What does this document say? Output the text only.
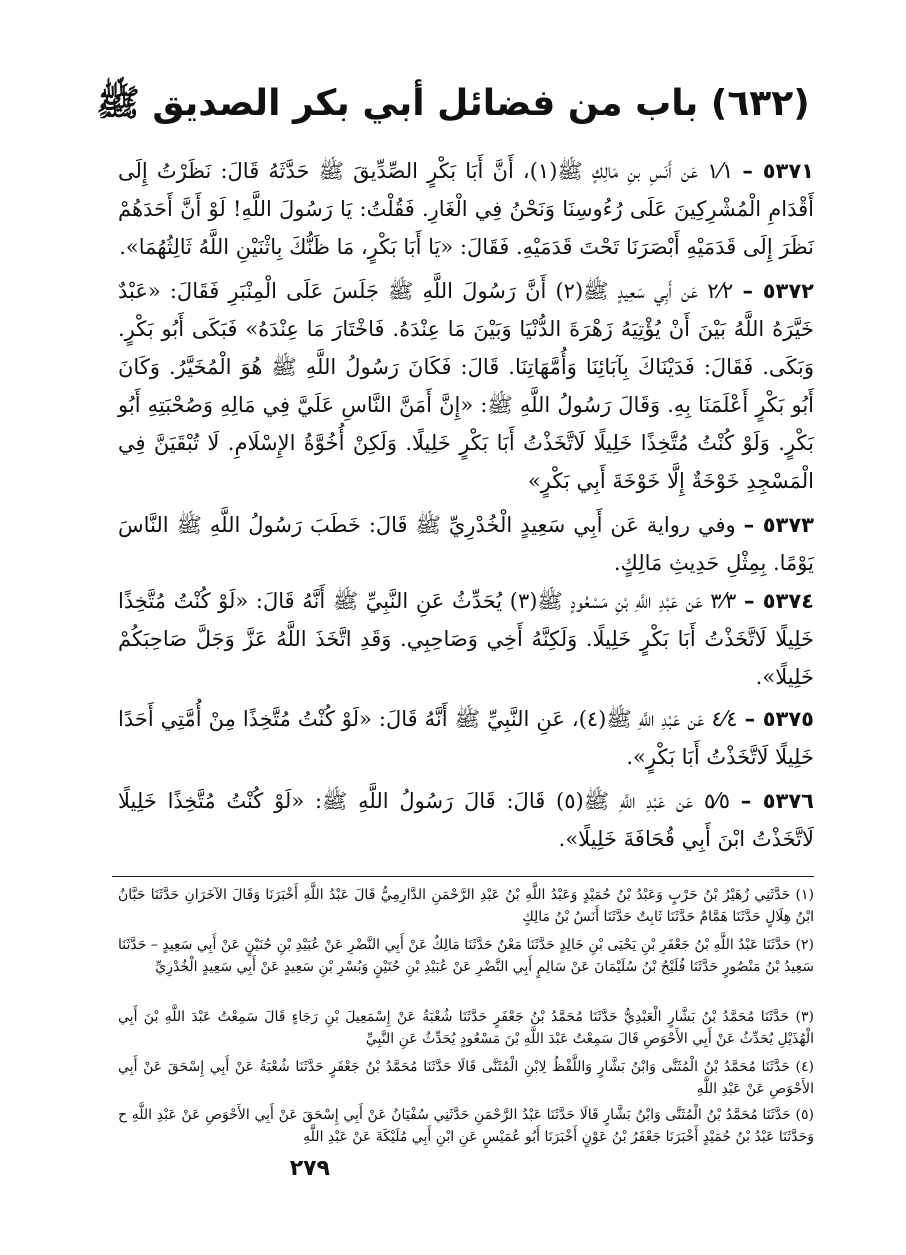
(٦٣٢) باب من فضائل أبي بكر الصديق ﷺ

٥٣٧١ – ١⁄١ عَن أَنَسِ بنِ مَالِكٍ ﷺ(١)، أَنَّ أَبَا بَكْرٍ الصِّدِّيقَ ﷺ حَدَّثَهُ قَالَ: نَظَرْتُ إِلَى أَقْدَامِ الْمُشْرِكِينَ عَلَى رُءُوسِنَا وَنَحْنُ فِي الْغَارِ. فَقُلْتُ: يَا رَسُولَ اللَّهِ! لَوْ أَنَّ أَحَدَهُمْ نَظَرَ إِلَى قَدَمَيْهِ أَبْصَرَنَا تَحْتَ قَدَمَيْهِ. فَقَالَ: «يَا أَبَا بَكْرٍ، مَا ظَنُّكَ بِاثْنَيْنِ اللَّهُ ثَالِثُهُمَا».

٥٣٧٢ – ٢⁄٢ عَن أَبِي سَعِيدٍ ﷺ(٢) أَنَّ رَسُولَ اللَّهِ ﷺ جَلَسَ عَلَى الْمِنْبَرِ فَقَالَ: «عَبْدٌ خَيَّرَهُ اللَّهُ بَيْنَ أَنْ يُؤْتِيَهُ زَهْرَةَ الدُّنْيَا وَبَيْنَ مَا عِنْدَهُ. فَاخْتَارَ مَا عِنْدَهُ» فَبَكَى أَبُو بَكْرٍ. وَبَكَى. فَقَالَ: فَدَيْنَاكَ بِآبَائِنَا وَأُمَّهَاتِنَا. قَالَ: فَكَانَ رَسُولُ اللَّهِ ﷺ هُوَ الْمُخَيَّرُ. وَكَانَ أَبُو بَكْرٍ أَعْلَمَنَا بِهِ. وَقَالَ رَسُولُ اللَّهِ ﷺ: «إِنَّ أَمَنَّ النَّاسِ عَلَيَّ فِي مَالِهِ وَصُحْبَتِهِ أَبُو بَكْرٍ. وَلَوْ كُنْتُ مُتَّخِذًا خَلِيلًا لَاتَّخَذْتُ أَبَا بَكْرٍ خَلِيلًا. وَلَكِنْ أُخُوَّةُ الإِسْلَامِ. لَا تُبْقَيَنَّ فِي الْمَسْجِدِ خَوْخَةٌ إِلَّا خَوْخَةَ أَبِي بَكْرٍ»

٥٣٧٣ – وفي رواية عَن أَبِي سَعِيدٍ الْخُدْرِيِّ ﷺ قَالَ: خَطَبَ رَسُولُ اللَّهِ ﷺ النَّاسَ يَوْمًا. بِمِثْلِ حَدِيثِ مَالِكٍ.

٥٣٧٤ – ٣⁄٣ عَن عَبْدِ اللَّهِ بْنِ مَسْعُودٍ ﷺ(٣) يُحَدِّثُ عَنِ النَّبِيِّ ﷺ أَنَّهُ قَالَ: «لَوْ كُنْتُ مُتَّخِذًا خَلِيلًا لَاتَّخَذْتُ أَبَا بَكْرٍ خَلِيلًا. وَلَكِنَّهُ أَخِي وَصَاحِبِي. وَقَدِ اتَّخَذَ اللَّهُ عَزَّ وَجَلَّ صَاحِبَكُمْ خَلِيلًا».

٥٣٧٥ – ٤⁄٤ عَن عَبْدِ اللَّهِ ﷺ(٤)، عَنِ النَّبِيِّ ﷺ أَنَّهُ قَالَ: «لَوْ كُنْتُ مُتَّخِذًا مِنْ أُمَّتِي أَحَدًا خَلِيلًا لَاتَّخَذْتُ أَبَا بَكْرٍ».

٥٣٧٦ – ٥⁄٥ عَن عَبْدِ اللَّهِ ﷺ(٥) قَالَ: قَالَ رَسُولُ اللَّهِ ﷺ: «لَوْ كُنْتُ مُتَّخِذًا خَلِيلًا لَاتَّخَذْتُ ابْنَ أَبِي قُحَافَةَ خَلِيلًا».

(١) حَدَّثَنِي زُهَيْرُ بْنُ حَرْبٍ وَعَبْدُ بْنُ حُمَيْدٍ وَعَبْدُ اللَّهِ بْنُ عَبْدِ الرَّحْمَنِ الدَّارِمِيُّ قَالَ عَبْدُ اللَّهِ أَخْبَرَنَا وَقَالَ الآخَرَانِ حَدَّثَنَا حَبَّانُ ابْنُ هِلَالٍ حَدَّثَنَا هَمَّامٌ حَدَّثَنَا ثَابِتٌ حَدَّثَنَا أَنَسُ بْنُ مَالِكٍ

(٢) حَدَّثَنَا عَبْدُ اللَّهِ بْنُ جَعْفَرِ بْنِ يَحْيَى بْنِ خَالِدٍ حَدَّثَنَا مَعْنٌ حَدَّثَنَا مَالِكٌ عَنْ أَبِي النَّضْرِ عَنْ عُبَيْدِ بْنِ حُنَيْنٍ عَنْ أَبِي سَعِيدٍ – حَدَّثَنَا سَعِيدُ بْنُ مَنْصُورٍ حَدَّثَنَا فُلَيْحُ بْنُ سُلَيْمَانَ عَنْ سَالِمٍ أَبِي النَّضْرِ عَنْ عُبَيْدِ بْنِ حُنَيْنٍ وَبُسْرِ بْنِ سَعِيدٍ عَنْ أَبِي سَعِيدٍ الْخُدْرِيِّ

(٣) حَدَّثَنَا مُحَمَّدُ بْنُ بَشَّارٍ الْعَبْدِيُّ حَدَّثَنَا مُحَمَّدُ بْنُ جَعْفَرٍ حَدَّثَنَا شُعْبَةُ عَنْ إِسْمَعِيلَ بْنِ رَجَاءٍ قَالَ سَمِعْتُ عَبْدَ اللَّهِ بْنَ أَبِي الْهُذَيْلِ يُحَدِّثُ عَنْ أَبِي الأَحْوَصِ قَالَ سَمِعْتُ عَبْدَ اللَّهِ بْنَ مَسْعُودٍ يُحَدِّثُ عَنِ النَّبِيِّ

(٤) حَدَّثَنَا مُحَمَّدُ بْنُ الْمُثَنَّى وَابْنُ بَشَّارٍ وَاللَّفْظُ لِابْنِ الْمُثَنَّى قَالَا حَدَّثَنَا مُحَمَّدُ بْنُ جَعْفَرٍ حَدَّثَنَا شُعْبَةُ عَنْ أَبِي إِسْحَقَ عَنْ أَبِي الأَحْوَصِ عَنْ عَبْدِ اللَّهِ

(٥) حَدَّثَنَا مُحَمَّدُ بْنُ الْمُثَنَّى وَابْنُ بَشَّارٍ قَالَا حَدَّثَنَا عَبْدُ الرَّحْمَنِ حَدَّثَنِي سُفْيَانُ عَنْ أَبِي إِسْحَقَ عَنْ أَبِي الأَحْوَصِ عَنْ عَبْدِ اللَّهِ ح وَحَدَّثَنَا عَبْدُ بْنُ حُمَيْدٍ أَخْبَرَنَا جَعْفَرُ بْنُ عَوْنٍ أَخْبَرَنَا أَبُو عُمَيْسٍ عَنِ ابْنِ أَبِي مُلَيْكَةَ عَنْ عَبْدِ اللَّهِ

٢٧٩
